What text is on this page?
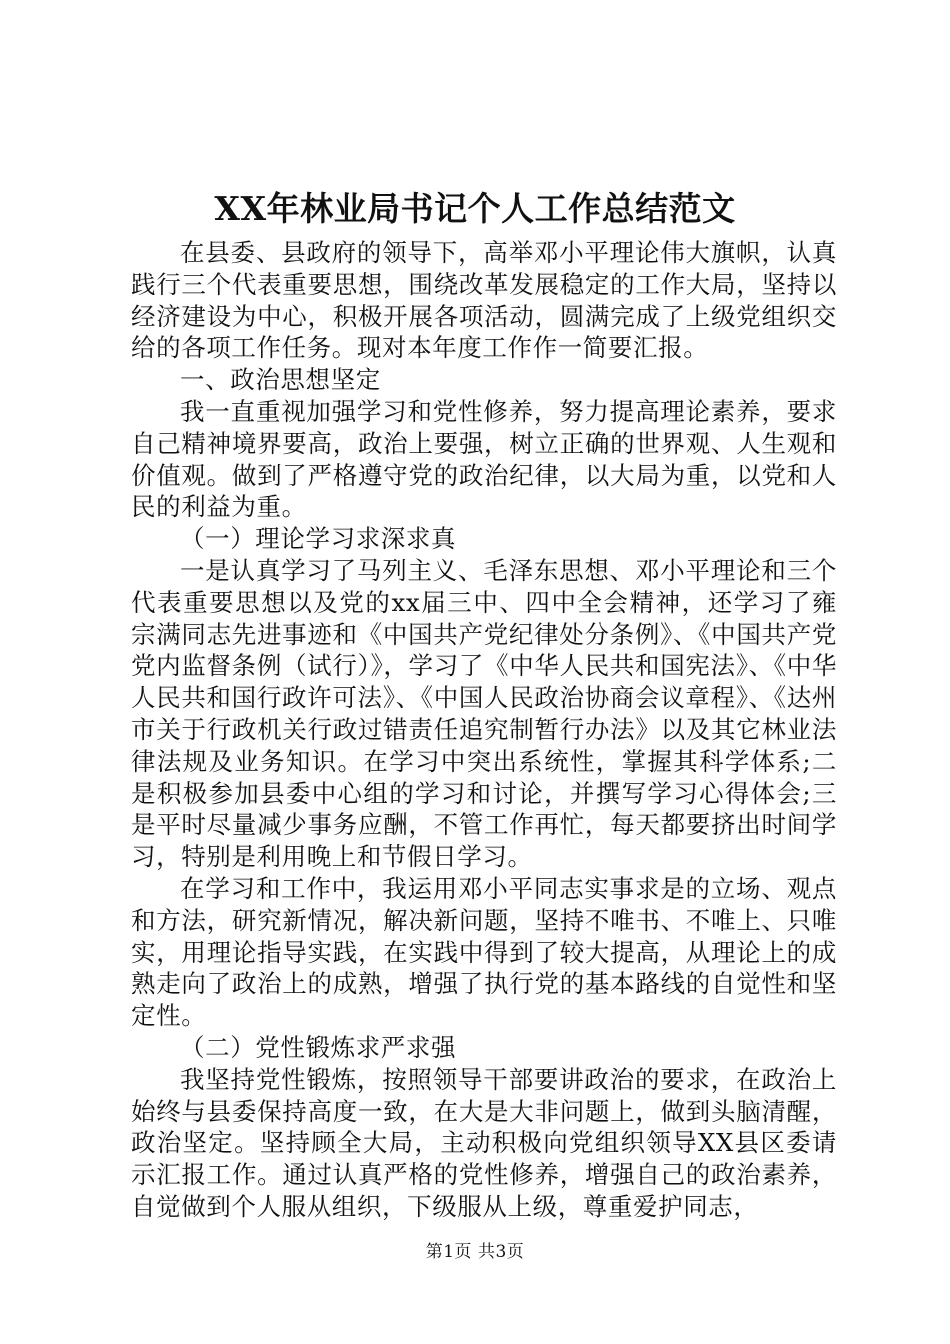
XX年林业局书记个人工作总结范文

在县委、县政府的领导下，高举邓小平理论伟大旗帜，认真践行三个代表重要思想，围绕改革发展稳定的工作大局，坚持以经济建设为中心，积极开展各项活动，圆满完成了上级党组织交给的各项工作任务。现对本年度工作作一简要汇报。

一、政治思想坚定

我一直重视加强学习和党性修养，努力提高理论素养，要求自己精神境界要高，政治上要强，树立正确的世界观、人生观和价值观。做到了严格遵守党的政治纪律，以大局为重，以党和人民的利益为重。

（一）理论学习求深求真

一是认真学习了马列主义、毛泽东思想、邓小平理论和三个代表重要思想以及党的xx届三中、四中全会精神，还学习了雍宗满同志先进事迹和《中国共产党纪律处分条例》、《中国共产党党内监督条例（试行）》，学习了《中华人民共和国宪法》、《中华人民共和国行政许可法》、《中国人民政治协商会议章程》、《达州市关于行政机关行政过错责任追究制暂行办法》以及其它林业法律法规及业务知识。在学习中突出系统性，掌握其科学体系;二是积极参加县委中心组的学习和讨论，并撰写学习心得体会;三是平时尽量减少事务应酬，不管工作再忙，每天都要挤出时间学习，特别是利用晚上和节假日学习。

在学习和工作中，我运用邓小平同志实事求是的立场、观点和方法，研究新情况，解决新问题，坚持不唯书、不唯上、只唯实，用理论指导实践，在实践中得到了较大提高，从理论上的成熟走向了政治上的成熟，增强了执行党的基本路线的自觉性和坚定性。

（二）党性锻炼求严求强

我坚持党性锻炼，按照领导干部要讲政治的要求，在政治上始终与县委保持高度一致，在大是大非问题上，做到头脑清醒，政治坚定。坚持顾全大局，主动积极向党组织领导XX县区委请示汇报工作。通过认真严格的党性修养，增强自己的政治素养，自觉做到个人服从组织，下级服从上级，尊重爱护同志，

第1页 共3页
